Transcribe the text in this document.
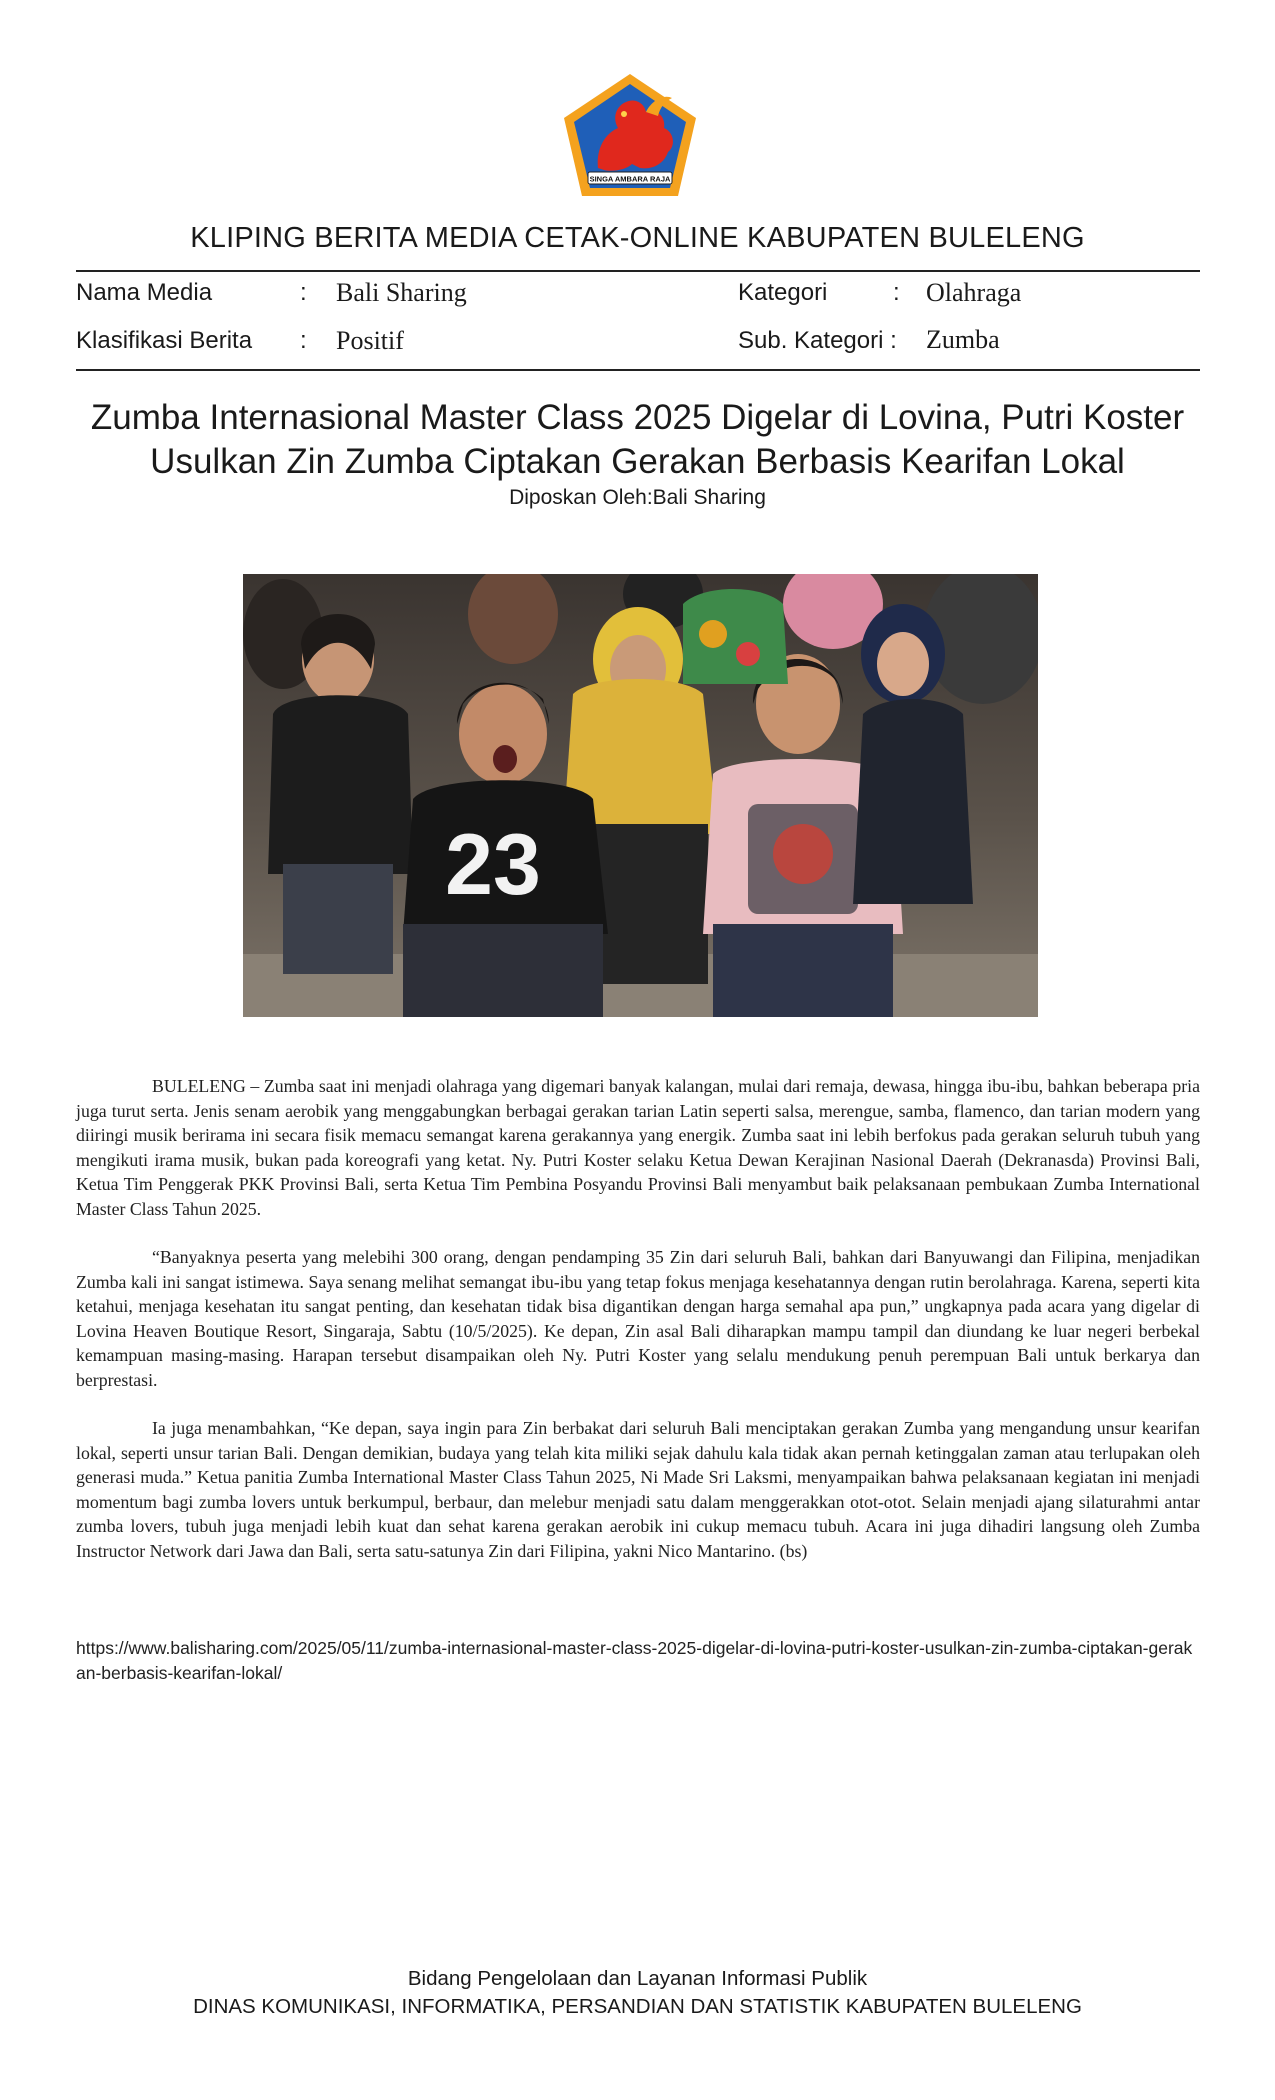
SINGA AMBARA RAJA
KLIPING BERITA MEDIA CETAK-ONLINE KABUPATEN BULELENG
Nama Media	: Bali Sharing	Kategori	: Olahraga
Klasifikasi Berita : Positif	Sub. Kategori : Zumba
Zumba Internasional Master Class 2025 Digelar di Lovina, Putri Koster
Usulkan Zin Zumba Ciptakan Gerakan Berbasis Kearifan Lokal
Diposkan Oleh:Bali Sharing
23

BULELENG – Zumba saat ini menjadi olahraga yang digemari banyak kalangan, mulai dari remaja, dewasa, hingga ibu-ibu, bahkan beberapa pria juga turut serta. Jenis senam aerobik yang menggabungkan berbagai gerakan tarian Latin seperti salsa, merengue, samba, flamenco, dan tarian modern yang diiringi musik berirama ini secara fisik memacu semangat karena gerakannya yang energik. Zumba saat ini lebih berfokus pada gerakan seluruh tubuh yang mengikuti irama musik, bukan pada koreografi yang ketat. Ny. Putri Koster selaku Ketua Dewan Kerajinan Nasional Daerah (Dekranasda) Provinsi Bali, Ketua Tim Penggerak PKK Provinsi Bali, serta Ketua Tim Pembina Posyandu Provinsi Bali menyambut baik pelaksanaan pembukaan Zumba International Master Class Tahun 2025.

“Banyaknya peserta yang melebihi 300 orang, dengan pendamping 35 Zin dari seluruh Bali, bahkan dari Banyuwangi dan Filipina, menjadikan Zumba kali ini sangat istimewa. Saya senang melihat semangat ibu-ibu yang tetap fokus menjaga kesehatannya dengan rutin berolahraga. Karena, seperti kita ketahui, menjaga kesehatan itu sangat penting, dan kesehatan tidak bisa digantikan dengan harga semahal apa pun,” ungkapnya pada acara yang digelar di Lovina Heaven Boutique Resort, Singaraja, Sabtu (10/5/2025). Ke depan, Zin asal Bali diharapkan mampu tampil dan diundang ke luar negeri berbekal kemampuan masing-masing. Harapan tersebut disampaikan oleh Ny. Putri Koster yang selalu mendukung penuh perempuan Bali untuk berkarya dan berprestasi.

Ia juga menambahkan, “Ke depan, saya ingin para Zin berbakat dari seluruh Bali menciptakan gerakan Zumba yang mengandung unsur kearifan lokal, seperti unsur tarian Bali. Dengan demikian, budaya yang telah kita miliki sejak dahulu kala tidak akan pernah ketinggalan zaman atau terlupakan oleh generasi muda.” Ketua panitia Zumba International Master Class Tahun 2025, Ni Made Sri Laksmi, menyampaikan bahwa pelaksanaan kegiatan ini menjadi momentum bagi zumba lovers untuk berkumpul, berbaur, dan melebur menjadi satu dalam menggerakkan otot-otot. Selain menjadi ajang silaturahmi antar zumba lovers, tubuh juga menjadi lebih kuat dan sehat karena gerakan aerobik ini cukup memacu tubuh. Acara ini juga dihadiri langsung oleh Zumba Instructor Network dari Jawa dan Bali, serta satu-satunya Zin dari Filipina, yakni Nico Mantarino. (bs)

https://www.balisharing.com/2025/05/11/zumba-internasional-master-class-2025-digelar-di-lovina-putri-koster-usulkan-zin-zumba-ciptakan-gerakan-berbasis-kearifan-lokal/
Bidang Pengelolaan dan Layanan Informasi Publik
DINAS KOMUNIKASI, INFORMATIKA, PERSANDIAN DAN STATISTIK KABUPATEN BULELENG
